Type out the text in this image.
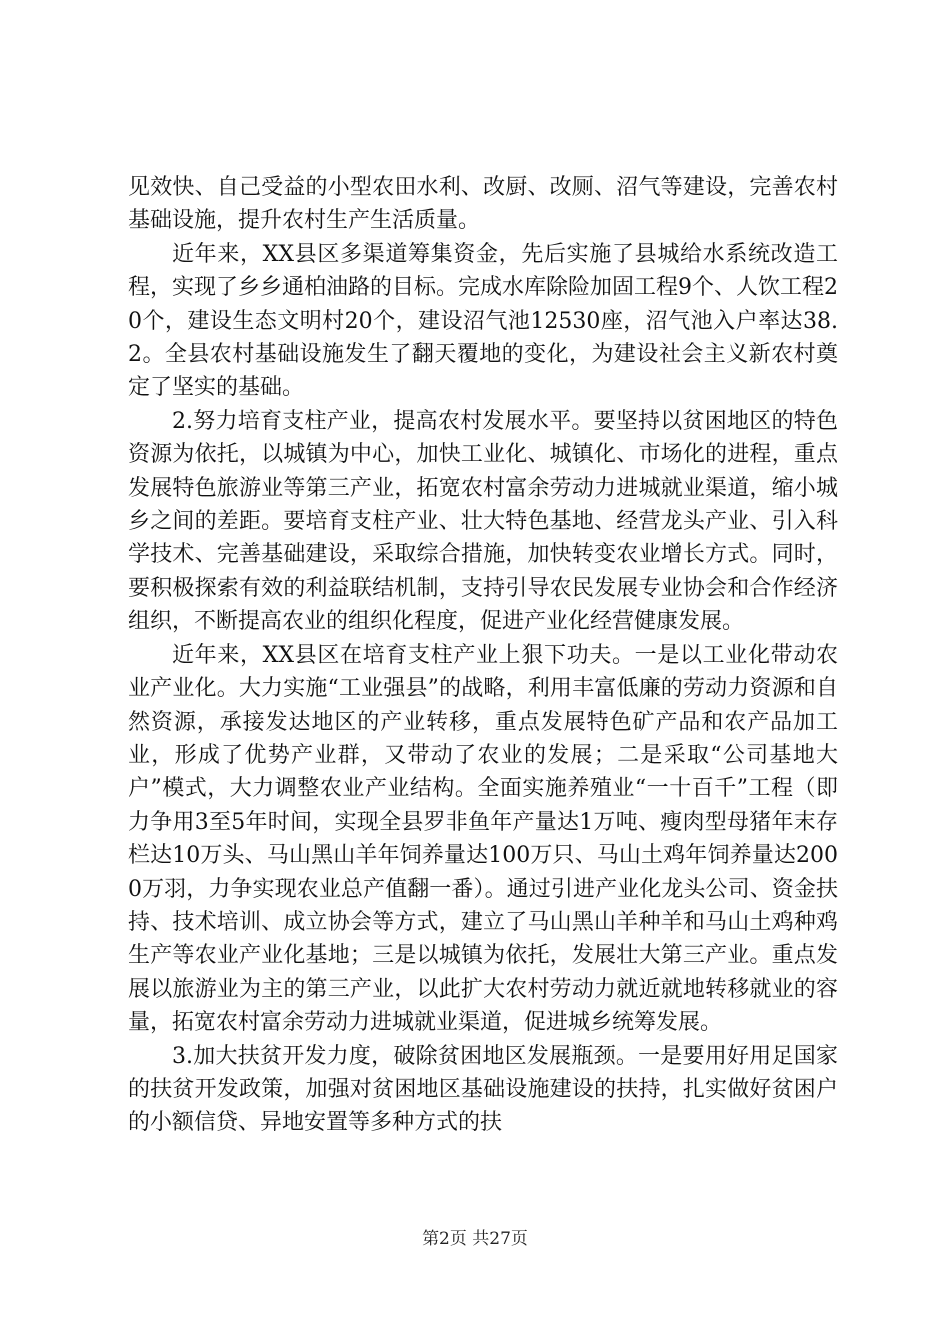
见效快、自己受益的小型农田水利、改厨、改厕、沼气等建设，完善农村基础设施，提升农村生产生活质量。

近年来，XX县区多渠道筹集资金，先后实施了县城给水系统改造工程，实现了乡乡通柏油路的目标。完成水库除险加固工程9个、人饮工程20个，建设生态文明村20个，建设沼气池12530座，沼气池入户率达38.2。全县农村基础设施发生了翻天覆地的变化，为建设社会主义新农村奠定了坚实的基础。

2.努力培育支柱产业，提高农村发展水平。要坚持以贫困地区的特色资源为依托，以城镇为中心，加快工业化、城镇化、市场化的进程，重点发展特色旅游业等第三产业，拓宽农村富余劳动力进城就业渠道，缩小城乡之间的差距。要培育支柱产业、壮大特色基地、经营龙头产业、引入科学技术、完善基础建设，采取综合措施，加快转变农业增长方式。同时，要积极探索有效的利益联结机制，支持引导农民发展专业协会和合作经济组织，不断提高农业的组织化程度，促进产业化经营健康发展。

近年来，XX县区在培育支柱产业上狠下功夫。一是以工业化带动农业产业化。大力实施“工业强县”的战略，利用丰富低廉的劳动力资源和自然资源，承接发达地区的产业转移，重点发展特色矿产品和农产品加工业，形成了优势产业群，又带动了农业的发展；二是采取“公司基地大户”模式，大力调整农业产业结构。全面实施养殖业“一十百千”工程（即力争用3至5年时间，实现全县罗非鱼年产量达1万吨、瘦肉型母猪年末存栏达10万头、马山黑山羊年饲养量达100万只、马山土鸡年饲养量达2000万羽，力争实现农业总产值翻一番）。通过引进产业化龙头公司、资金扶持、技术培训、成立协会等方式，建立了马山黑山羊种羊和马山土鸡种鸡生产等农业产业化基地；三是以城镇为依托，发展壮大第三产业。重点发展以旅游业为主的第三产业，以此扩大农村劳动力就近就地转移就业的容量，拓宽农村富余劳动力进城就业渠道，促进城乡统筹发展。

3.加大扶贫开发力度，破除贫困地区发展瓶颈。一是要用好用足国家的扶贫开发政策，加强对贫困地区基础设施建设的扶持，扎实做好贫困户的小额信贷、异地安置等多种方式的扶

第2页 共27页
